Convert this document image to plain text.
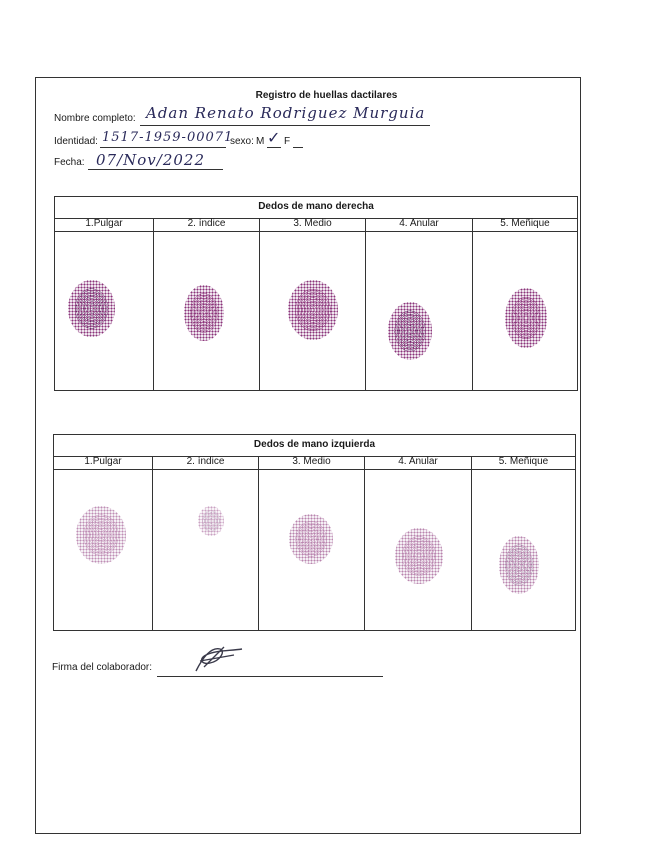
Registro de huellas dactilares
Nombre completo: Adan Renato Rodriguez Murguia
Identidad: 1517-1959-00071
sexo: M ✓ F
Fecha: 07/Nov/2022
Dedos de mano derecha
1.Pulgar	2. índice	3. Medio	4. Anular	5. Meñique
Dedos de mano izquierda
1.Pulgar	2. índice	3. Medio	4. Anular	5. Meñique
Firma del colaborador:
